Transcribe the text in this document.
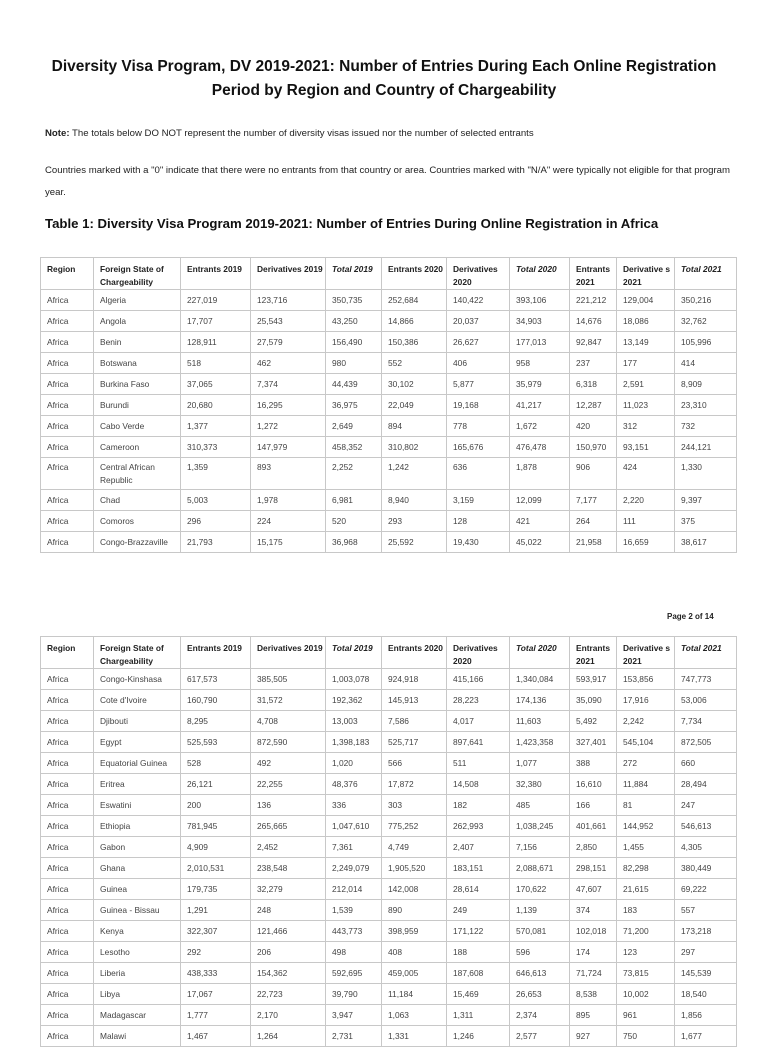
Diversity Visa Program, DV 2019-2021: Number of Entries During Each Online Registration Period by Region and Country of Chargeability
Note: The totals below DO NOT represent the number of diversity visas issued nor the number of selected entrants
Countries marked with a "0" indicate that there were no entrants from that country or area. Countries marked with "N/A" were typically not eligible for that program year.
Table 1: Diversity Visa Program 2019-2021: Number of Entries During Online Registration in Africa
Region	Foreign State of Chargeability	Entrants 2019	Derivatives 2019	Total 2019	Entrants 2020	Derivatives 2020	Total 2020	Entrants 2021	Derivative s 2021	Total 2021
Africa	Algeria	227,019	123,716	350,735	252,684	140,422	393,106	221,212	129,004	350,216
Africa	Angola	17,707	25,543	43,250	14,866	20,037	34,903	14,676	18,086	32,762
Africa	Benin	128,911	27,579	156,490	150,386	26,627	177,013	92,847	13,149	105,996
Africa	Botswana	518	462	980	552	406	958	237	177	414
Africa	Burkina Faso	37,065	7,374	44,439	30,102	5,877	35,979	6,318	2,591	8,909
Africa	Burundi	20,680	16,295	36,975	22,049	19,168	41,217	12,287	11,023	23,310
Africa	Cabo Verde	1,377	1,272	2,649	894	778	1,672	420	312	732
Africa	Cameroon	310,373	147,979	458,352	310,802	165,676	476,478	150,970	93,151	244,121
Africa	Central African Republic	1,359	893	2,252	1,242	636	1,878	906	424	1,330
Africa	Chad	5,003	1,978	6,981	8,940	3,159	12,099	7,177	2,220	9,397
Africa	Comoros	296	224	520	293	128	421	264	111	375
Africa	Congo-Brazzaville	21,793	15,175	36,968	25,592	19,430	45,022	21,958	16,659	38,617
Page 2 of 14
Region	Foreign State of Chargeability	Entrants 2019	Derivatives 2019	Total 2019	Entrants 2020	Derivatives 2020	Total 2020	Entrants 2021	Derivative s 2021	Total 2021
Africa	Congo-Kinshasa	617,573	385,505	1,003,078	924,918	415,166	1,340,084	593,917	153,856	747,773
Africa	Cote d'Ivoire	160,790	31,572	192,362	145,913	28,223	174,136	35,090	17,916	53,006
Africa	Djibouti	8,295	4,708	13,003	7,586	4,017	11,603	5,492	2,242	7,734
Africa	Egypt	525,593	872,590	1,398,183	525,717	897,641	1,423,358	327,401	545,104	872,505
Africa	Equatorial Guinea	528	492	1,020	566	511	1,077	388	272	660
Africa	Eritrea	26,121	22,255	48,376	17,872	14,508	32,380	16,610	11,884	28,494
Africa	Eswatini	200	136	336	303	182	485	166	81	247
Africa	Ethiopia	781,945	265,665	1,047,610	775,252	262,993	1,038,245	401,661	144,952	546,613
Africa	Gabon	4,909	2,452	7,361	4,749	2,407	7,156	2,850	1,455	4,305
Africa	Ghana	2,010,531	238,548	2,249,079	1,905,520	183,151	2,088,671	298,151	82,298	380,449
Africa	Guinea	179,735	32,279	212,014	142,008	28,614	170,622	47,607	21,615	69,222
Africa	Guinea - Bissau	1,291	248	1,539	890	249	1,139	374	183	557
Africa	Kenya	322,307	121,466	443,773	398,959	171,122	570,081	102,018	71,200	173,218
Africa	Lesotho	292	206	498	408	188	596	174	123	297
Africa	Liberia	438,333	154,362	592,695	459,005	187,608	646,613	71,724	73,815	145,539
Africa	Libya	17,067	22,723	39,790	11,184	15,469	26,653	8,538	10,002	18,540
Africa	Madagascar	1,777	2,170	3,947	1,063	1,311	2,374	895	961	1,856
Africa	Malawi	1,467	1,264	2,731	1,331	1,246	2,577	927	750	1,677
